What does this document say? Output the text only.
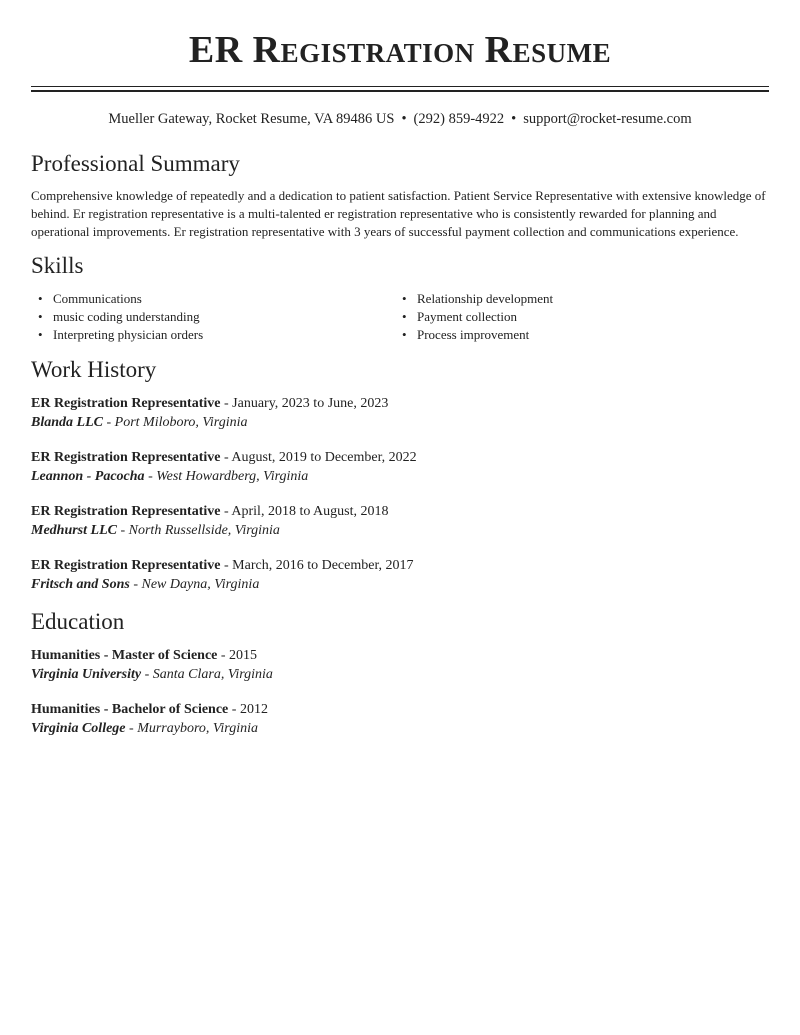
ER Registration Resume
Mueller Gateway, Rocket Resume, VA 89486 US • (292) 859-4922 • support@rocket-resume.com
Professional Summary
Comprehensive knowledge of repeatedly and a dedication to patient satisfaction. Patient Service Representative with extensive knowledge of behind. Er registration representative is a multi-talented er registration representative who is consistently rewarded for planning and operational improvements. Er registration representative with 3 years of successful payment collection and communications experience.
Skills
• Communications
• music coding understanding
• Interpreting physician orders
• Relationship development
• Payment collection
• Process improvement
Work History
ER Registration Representative - January, 2023 to June, 2023
Blanda LLC - Port Miloboro, Virginia
ER Registration Representative - August, 2019 to December, 2022
Leannon - Pacocha - West Howardberg, Virginia
ER Registration Representative - April, 2018 to August, 2018
Medhurst LLC - North Russellside, Virginia
ER Registration Representative - March, 2016 to December, 2017
Fritsch and Sons - New Dayna, Virginia
Education
Humanities - Master of Science - 2015
Virginia University - Santa Clara, Virginia
Humanities - Bachelor of Science - 2012
Virginia College - Murrayboro, Virginia
